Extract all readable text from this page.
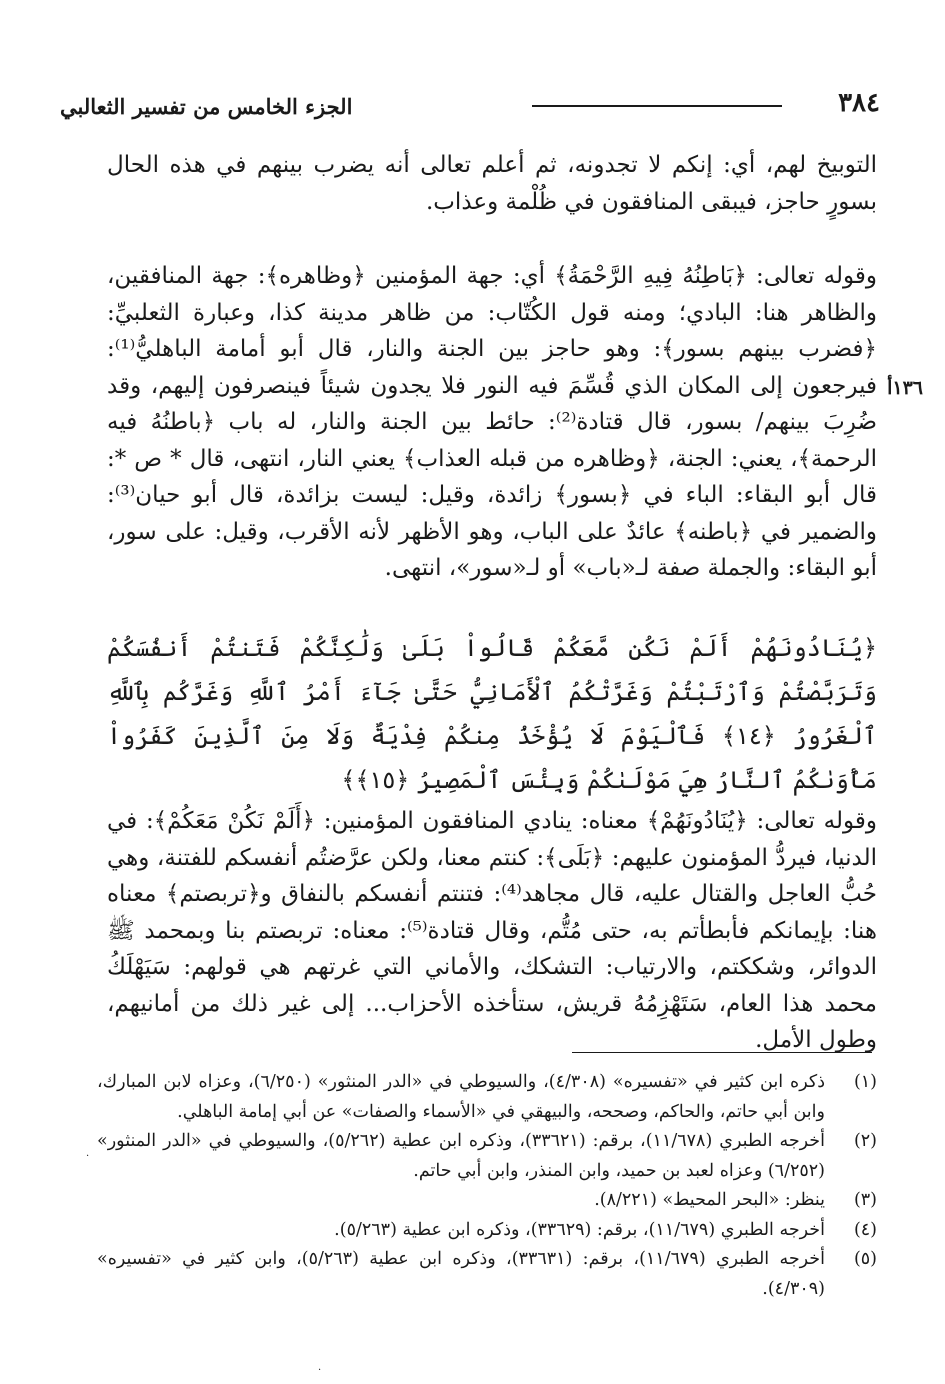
٣٨٤
الجزء الخامس من تفسير الثعالبي
١٣٦أ

التوبيخ لهم، أي: إنكم لا تجدونه، ثم أعلم تعالى أنه يضرب بينهم في هذه الحال بسورٍ حاجز، فيبقى المنافقون في ظُلْمة وعذاب.

وقوله تعالى: ﴿بَاطِنُهُ فِيهِ الرَّحْمَةُ﴾ أي: جهة المؤمنين ﴿وظاهره﴾: جهة المنافقين، والظاهر هنا: البادي؛ ومنه قول الكُتّاب: من ظاهر مدينة كذا، وعبارة الثعلبيِّ: ﴿فضرب بينهم بسور﴾: وهو حاجز بين الجنة والنار، قال أبو أمامة الباهليُّ⁽¹⁾: فيرجعون إلى المكان الذي قُسِّمَ فيه النور فلا يجدون شيئاً فينصرفون إليهم، وقد ضُرِبَ بينهم/ بسور، قال قتادة⁽²⁾: حائط بين الجنة والنار، له باب ﴿باطنُهُ فيه الرحمة﴾، يعني: الجنة، ﴿وظاهره من قبله العذاب﴾ يعني النار، انتهى، قال * ص *: قال أبو البقاء: الباء في ﴿بسور﴾ زائدة، وقيل: ليست بزائدة، قال أبو حيان⁽³⁾: والضمير في ﴿باطنه﴾ عائدٌ على الباب، وهو الأظهر لأنه الأقرب، وقيل: على سور، أبو البقاء: والجملة صفة لـ«باب» أو لـ«سور»، انتهى.

﴿يُنَادُونَهُمْ أَلَمْ نَكُن مَّعَكُمْ قَالُواْ بَلَىٰ وَلَٰكِنَّكُمْ فَتَنتُمْ أَنفُسَكُمْ وَتَرَبَّصْتُمْ وَٱرْتَبْتُمْ وَغَرَّتْكُمُ ٱلْأَمَانِيُّ حَتَّىٰ جَآءَ أَمْرُ ٱللَّهِ وَغَرَّكُم بِٱللَّهِ ٱلْغَرُورُ ﴿١٤﴾ فَٱلْيَوْمَ لَا يُؤْخَذُ مِنكُمْ فِدْيَةٌ وَلَا مِنَ ٱلَّذِينَ كَفَرُواْ مَأْوَىٰكُمُ ٱلنَّارُ هِيَ مَوْلَىٰكُمْ وَبِئْسَ ٱلْمَصِيرُ ﴿١٥﴾﴾

وقوله تعالى: ﴿يُنَادُونَهُمْ﴾ معناه: ينادي المنافقون المؤمنين: ﴿أَلَمْ نَكُنْ مَعَكُمْ﴾: في الدنيا، فيردُّ المؤمنون عليهم: ﴿بَلَى﴾: كنتم معنا، ولكن عرَّضتُم أنفسكم للفتنة، وهي حُبُّ العاجل والقتال عليه، قال مجاهد⁽⁴⁾: فتنتم أنفسكم بالنفاق و﴿تربصتم﴾ معناه هنا: بإيمانكم فأبطأتم به، حتى مُتُّم، وقال قتادة⁽⁵⁾: معناه: تربصتم بنا وبمحمد ﷺ الدوائر، وشككتم، والارتياب: التشكك، والأماني التي غرتهم هي قولهم: سَيَهْلَكُ محمد هذا العام، سَتَهْزِمُهُ قريش، ستأخذه الأحزاب... إلى غير ذلك من أمانيهم، وطول الأمل.

(١)
ذكره ابن كثير في «تفسيره» (٤/٣٠٨)، والسيوطي في «الدر المنثور» (٦/٢٥٠)، وعزاه لابن المبارك، وابن أبي حاتم، والحاكم، وصححه، والبيهقي في «الأسماء والصفات» عن أبي إمامة الباهلي.
(٢)
أخرجه الطبري (١١/٦٧٨)، برقم: (٣٣٦٢١)، وذكره ابن عطية (٥/٢٦٢)، والسيوطي في «الدر المنثور» (٦/٢٥٢) وعزاه لعبد بن حميد، وابن المنذر، وابن أبي حاتم.
(٣)
ينظر: «البحر المحيط» (٨/٢٢١).
(٤)
أخرجه الطبري (١١/٦٧٩)، برقم: (٣٣٦٢٩)، وذكره ابن عطية (٥/٢٦٣).
(٥)
أخرجه الطبري (١١/٦٧٩)، برقم: (٣٣٦٣١)، وذكره ابن عطية (٥/٢٦٣)، وابن كثير في «تفسيره» (٤/٣٠٩).
.
.
